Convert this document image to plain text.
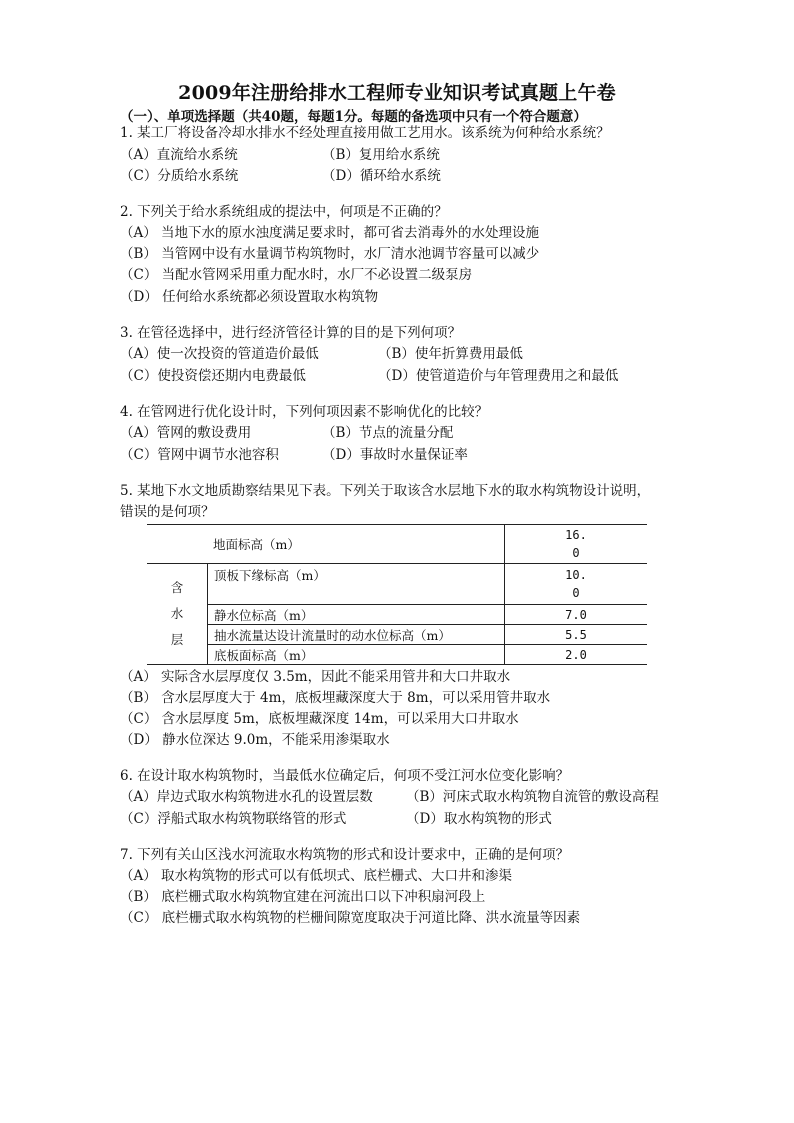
2009年注册给排水工程师专业知识考试真题上午卷
（一）、单项选择题（共40题，每题1分。每题的备选项中只有一个符合题意）
1. 某工厂将设备冷却水排水不经处理直接用做工艺用水。该系统为何种给水系统？
（A）直流给水系统	（B）复用给水系统
（C）分质给水系统	（D）循环给水系统
2. 下列关于给水系统组成的提法中，何项是不正确的？
（A） 当地下水的原水浊度满足要求时，都可省去消毒外的水处理设施
（B） 当管网中设有水量调节构筑物时，水厂清水池调节容量可以减少
（C） 当配水管网采用重力配水时，水厂不必设置二级泵房
（D） 任何给水系统都必须设置取水构筑物
3. 在管径选择中，进行经济管径计算的目的是下列何项？
（A）使一次投资的管道造价最低	（B）使年折算费用最低
（C）使投资偿还期内电费最低	（D）使管道造价与年管理费用之和最低
4. 在管网进行优化设计时，下列何项因素不影响优化的比较？
（A）管网的敷设费用	（B）节点的流量分配
（C）管网中调节水池容积	（D）事故时水量保证率
5. 某地下水文地质勘察结果见下表。下列关于取该含水层地下水的取水构筑物设计说明，
错误的是何项？
地面标高（m）		16.
0

含
水
层	顶板下缘标高（m）	10.
0

	静水位标高（m）	7.0
	抽水流量达设计流量时的动水位标高（m）	5.5
	底板面标高（m）	2.0
（A） 实际含水层厚度仅 3.5m，因此不能采用管井和大口井取水
（B） 含水层厚度大于 4m，底板埋藏深度大于 8m，可以采用管井取水
（C） 含水层厚度 5m，底板埋藏深度 14m，可以采用大口井取水
（D） 静水位深达 9.0m，不能采用渗渠取水
6. 在设计取水构筑物时，当最低水位确定后，何项不受江河水位变化影响？
（A）岸边式取水构筑物进水孔的设置层数 （B）河床式取水构筑物自流管的敷设高程
（C）浮船式取水构筑物联络管的形式	（D）取水构筑物的形式
7. 下列有关山区浅水河流取水构筑物的形式和设计要求中，正确的是何项？
（A） 取水构筑物的形式可以有低坝式、底栏栅式、大口井和渗渠
（B） 底栏栅式取水构筑物宜建在河流出口以下冲积扇河段上
（C） 底栏栅式取水构筑物的栏栅间隙宽度取决于河道比降、洪水流量等因素
